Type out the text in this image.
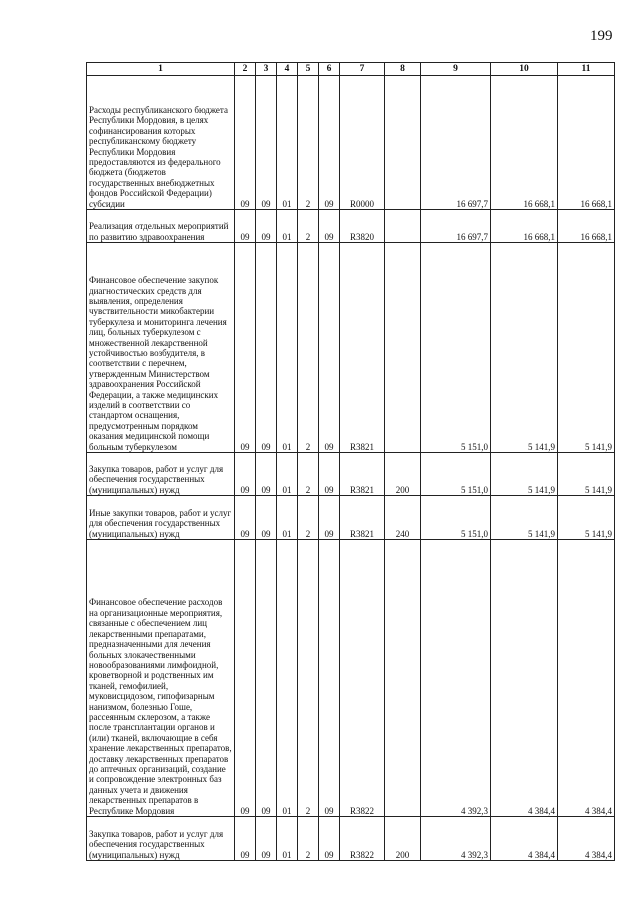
199
1	2	3	4	5	6	7	8	9	10	11

Расходы республиканского бюджета Республики Мордовия, в целях софинансирования которых республиканскому бюджету Республики Мордовия предоставляются из федерального бюджета (бюджетов государственных внебюджетных фондов Российской Федерации) субсидии	09	09	01	2	09	R0000		16 697,7	16 668,1	16 668,1

Реализация отдельных мероприятий по развитию здравоохранения	09	09	01	2	09	R3820		16 697,7	16 668,1	16 668,1

Финансовое обеспечение закупок диагностических средств для выявления, определения чувствительности микобактерии туберкулеза и мониторинга лечения лиц, больных туберкулезом с множественной лекарственной устойчивостью возбудителя, в соответствии с перечнем, утвержденным Министерством здравоохранения Российской Федерации, а также медицинских изделий в соответствии со стандартом оснащения, предусмотренным порядком оказания медицинской помощи больным туберкулезом	09	09	01	2	09	R3821		5 151,0	5 141,9	5 141,9

Закупка товаров, работ и услуг для обеспечения государственных (муниципальных) нужд	09	09	01	2	09	R3821	200	5 151,0	5 141,9	5 141,9

Иные закупки товаров, работ и услуг для обеспечения государственных (муниципальных) нужд	09	09	01	2	09	R3821	240	5 151,0	5 141,9	5 141,9

Финансовое обеспечение расходов на организационные мероприятия, связанные с обеспечением лиц лекарственными препаратами, предназначенными для лечения больных злокачественными новообразованиями лимфоидной, кроветворной и родственных им тканей, гемофилией, муковисцидозом, гипофизарным нанизмом, болезнью Гоше, рассеянным склерозом, а также после трансплантации органов и (или) тканей, включающие в себя хранение лекарственных препаратов, доставку лекарственных препаратов до аптечных организаций, создание и сопровождение электронных баз данных учета и движения лекарственных препаратов в Республике Мордовия	09	09	01	2	09	R3822		4 392,3	4 384,4	4 384,4

Закупка товаров, работ и услуг для обеспечения государственных (муниципальных) нужд	09	09	01	2	09	R3822	200	4 392,3	4 384,4	4 384,4
